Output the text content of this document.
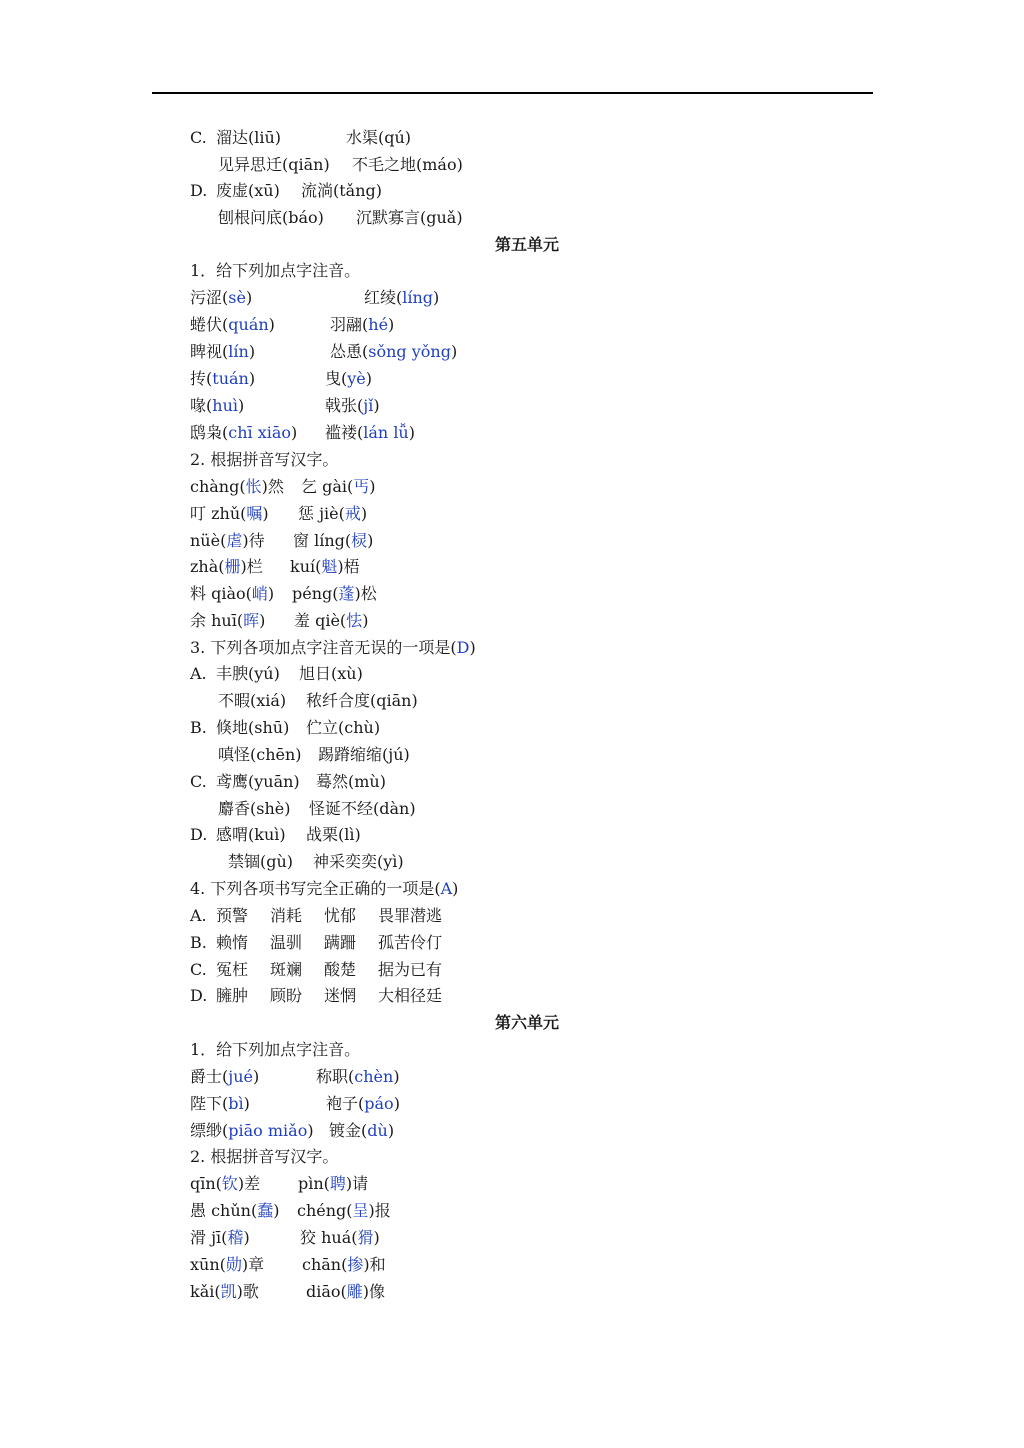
C. 溜达(liū)	水渠(qú)
见异思迁(qiān) 不毛之地(máo)
D. 废虚(xū) 流淌(tǎng)
刨根问底(báo) 沉默寡言(guǎ)
第五单元
1．给下列加点字注音。
污涩(sè)	红绫(líng)
蜷伏(quán)	羽翮(hé)
睥视(lín)	怂恿(sǒng yǒng)
抟(tuán)	曳(yè)
喙(huì)	戟张(jǐ)
鸱枭(chī xiāo) 褴褛(lán lǚ)
2. 根据拼音写汉字。
chàng(怅)然 乞 gài(丐)
叮 zhǔ(嘱) 惩 jiè(戒)
nüè(虐)待 窗 líng(棂)
zhà(栅)栏 kuí(魁)梧
料 qiào(峭) péng(蓬)松
余 huī(晖) 羞 qiè(怯)
3. 下列各项加点字注音无误的一项是(D)
A. 丰腴(yú) 旭日(xù)
不暇(xiá) 秾纤合度(qiān)
B. 倏地(shū) 伫立(chù)
嗔怪(chēn) 踢蹐缩缩(jú)
C. 鸢鹰(yuān) 蓦然(mù)
麝香(shè) 怪诞不经(dàn)
D. 感喟(kuì) 战栗(lì)
禁锢(gù) 神采奕奕(yì)
4. 下列各项书写完全正确的一项是(A)
A. 预警 消耗 忧郁 畏罪潜逃
B. 赖惰 温驯 蹒跚 孤苦伶仃
C. 冤枉 斑斓 酸楚 据为已有
D. 臃肿 顾盼 迷惘 大相径廷
第六单元
1．给下列加点字注音。
爵士(jué)	称职(chèn)
陛下(bì)	袍子(páo)
缥缈(piāo miǎo) 镀金(dù)
2. 根据拼音写汉字。
qīn(钦)差 pìn(聘)请
愚 chǔn(蠢) chéng(呈)报
滑 jī(稽)	狡 huá(猾)
xūn(勋)章 chān(掺)和
kǎi(凯)歌	diāo(雕)像
